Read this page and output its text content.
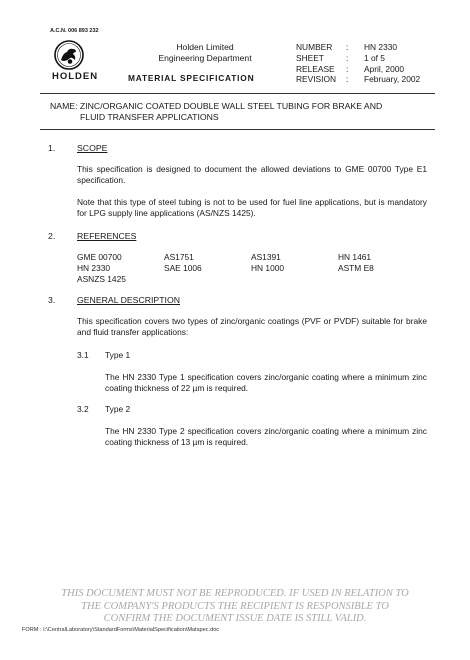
A.C.N. 006 893 232
HOLDEN
Holden Limited
Engineering Department
MATERIAL SPECIFICATION
NUMBER	:	HN 2330
SHEET	:	1 of 5
RELEASE	:	April, 2000
REVISION	:	February, 2002
NAME: ZINC/ORGANIC COATED DOUBLE WALL STEEL TUBING FOR BRAKE AND
FLUID TRANSFER APPLICATIONS
1.	SCOPE
This specification is designed to document the allowed deviations to GME 00700 Type E1 specification.
Note that this type of steel tubing is not to be used for fuel line applications, but is mandatory for LPG supply line applications (AS/NZS 1425).
2.	REFERENCES
GME 00700	AS1751	AS1391	HN 1461
HN 2330	SAE 1006	HN 1000	ASTM E8
ASNZS 1425
3.	GENERAL DESCRIPTION
This specification covers two types of zinc/organic coatings (PVF or PVDF) suitable for brake and fluid transfer applications:
3.1 Type 1
The HN 2330 Type 1 specification covers zinc/organic coating where a minimum zinc coating thickness of 22 µm is required.
3.2 Type 2
The HN 2330 Type 2 specification covers zinc/organic coating where a minimum zinc coating thickness of 13 µm is required.
THIS DOCUMENT MUST NOT BE REPRODUCED. IF USED IN RELATION TO
THE COMPANY'S PRODUCTS THE RECIPIENT IS RESPONSIBLE TO
CONFIRM THE DOCUMENT ISSUE DATE IS STILL VALID.
FORM : I:\CentralLaboratory\StandardForms\MaterialSpecification\Matspec.doc
